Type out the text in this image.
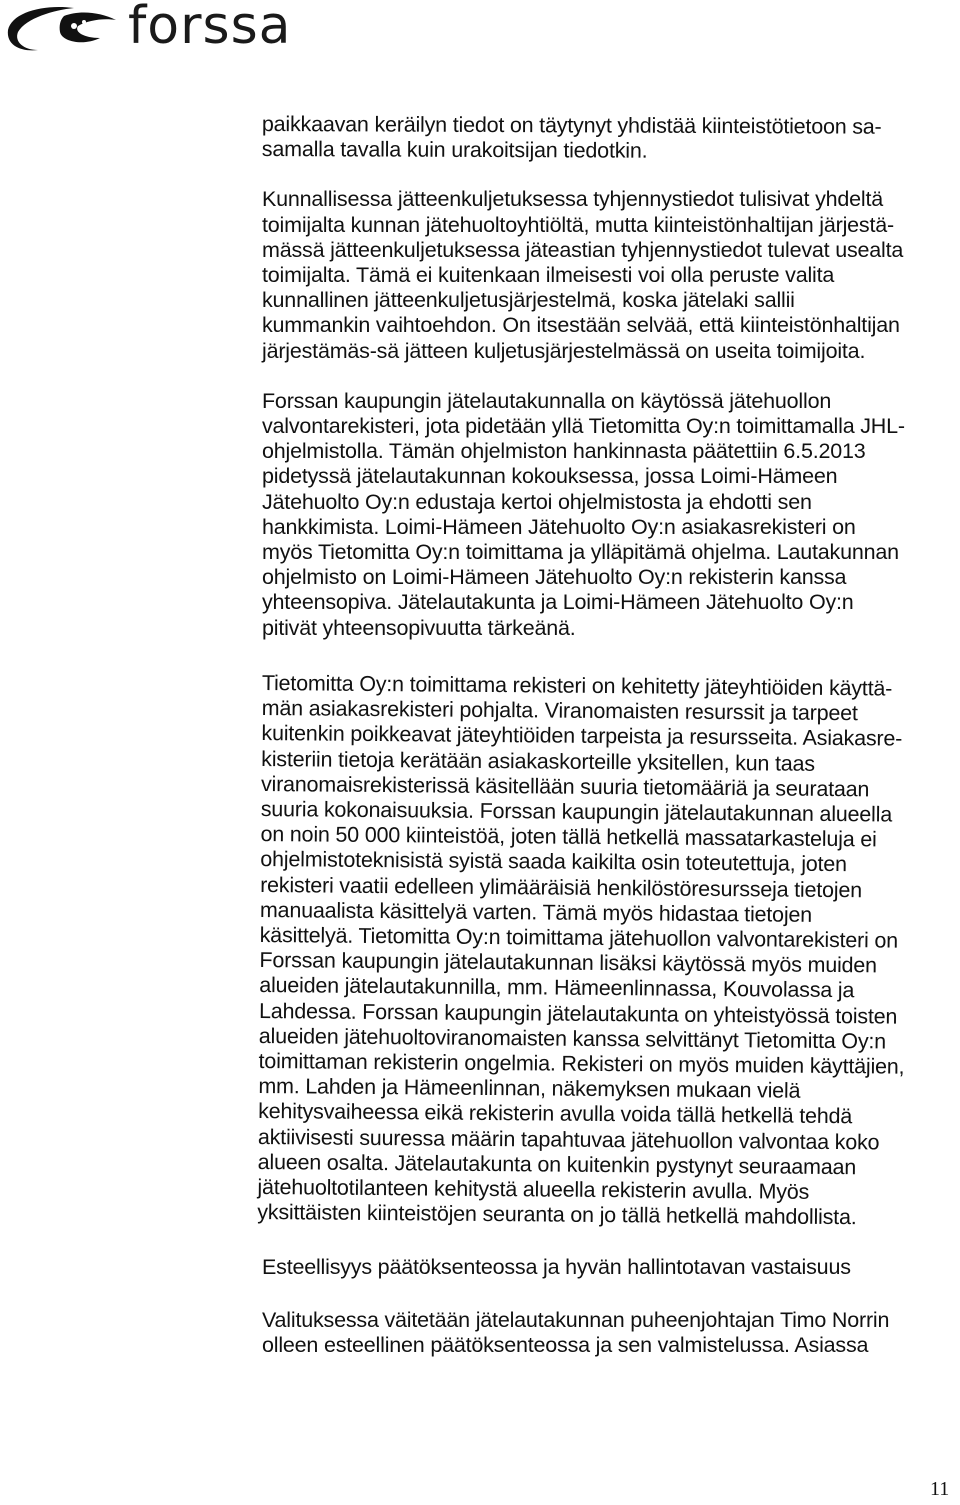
forssa

paikkaavan keräilyn tiedot on täytynyt yhdistää kiinteistötietoon sa-
samalla tavalla kuin urakoitsijan tiedotkin.

Kunnallisessa jätteenkuljetuksessa tyhjennystiedot tulisivat yhdeltä
toimijalta kunnan jätehuoltoyhtiöltä, mutta kiinteistönhaltijan järjestä-
mässä jätteenkuljetuksessa jäteastian tyhjennystiedot tulevat usealta
toimijalta. Tämä ei kuitenkaan ilmeisesti voi olla peruste valita
kunnallinen jätteenkuljetusjärjestelmä, koska jätelaki sallii
kummankin vaihtoehdon. On itsestään selvää, että kiinteistönhaltijan
järjestämäs-sä jätteen kuljetusjärjestelmässä on useita toimijoita.

Forssan kaupungin jätelautakunnalla on käytössä jätehuollon
valvontarekisteri, jota pidetään yllä Tietomitta Oy:n toimittamalla JHL-
ohjelmistolla. Tämän ohjelmiston hankinnasta päätettiin 6.5.2013
pidetyssä jätelautakunnan kokouksessa, jossa Loimi-Hämeen
Jätehuolto Oy:n edustaja kertoi ohjelmistosta ja ehdotti sen
hankkimista. Loimi-Hämeen Jätehuolto Oy:n asiakasrekisteri on
myös Tietomitta Oy:n toimittama ja ylläpitämä ohjelma. Lautakunnan
ohjelmisto on Loimi-Hämeen Jätehuolto Oy:n rekisterin kanssa
yhteensopiva. Jätelautakunta ja Loimi-Hämeen Jätehuolto Oy:n
pitivät yhteensopivuutta tärkeänä.

Tietomitta Oy:n toimittama rekisteri on kehitetty jäteyhtiöiden käyttä-
män asiakasrekisteri pohjalta. Viranomaisten resurssit ja tarpeet
kuitenkin poikkeavat jäteyhtiöiden tarpeista ja resursseita. Asiakasre-
kisteriin tietoja kerätään asiakaskorteille yksitellen, kun taas
viranomaisrekisterissä käsitellään suuria tietomääriä ja seurataan
suuria kokonaisuuksia. Forssan kaupungin jätelautakunnan alueella
on noin 50 000 kiinteistöä, joten tällä hetkellä massatarkasteluja ei
ohjelmistoteknisistä syistä saada kaikilta osin toteutettuja, joten
rekisteri vaatii edelleen ylimääräisiä henkilöstöresursseja tietojen
manuaalista käsittelyä varten. Tämä myös hidastaa tietojen
käsittelyä. Tietomitta Oy:n toimittama jätehuollon valvontarekisteri on
Forssan kaupungin jätelautakunnan lisäksi käytössä myös muiden
alueiden jätelautakunnilla, mm. Hämeenlinnassa, Kouvolassa ja
Lahdessa. Forssan kaupungin jätelautakunta on yhteistyössä toisten
alueiden jätehuoltoviranomaisten kanssa selvittänyt Tietomitta Oy:n
toimittaman rekisterin ongelmia. Rekisteri on myös muiden käyttäjien,
mm. Lahden ja Hämeenlinnan, näkemyksen mukaan vielä
kehitysvaiheessa eikä rekisterin avulla voida tällä hetkellä tehdä
aktiivisesti suuressa määrin tapahtuvaa jätehuollon valvontaa koko
alueen osalta. Jätelautakunta on kuitenkin pystynyt seuraamaan
jätehuoltotilanteen kehitystä alueella rekisterin avulla. Myös
yksittäisten kiinteistöjen seuranta on jo tällä hetkellä mahdollista.

Esteellisyys päätöksenteossa ja hyvän hallintotavan vastaisuus

Valituksessa väitetään jätelautakunnan puheenjohtajan Timo Norrin
olleen esteellinen päätöksenteossa ja sen valmistelussa. Asiassa

11
